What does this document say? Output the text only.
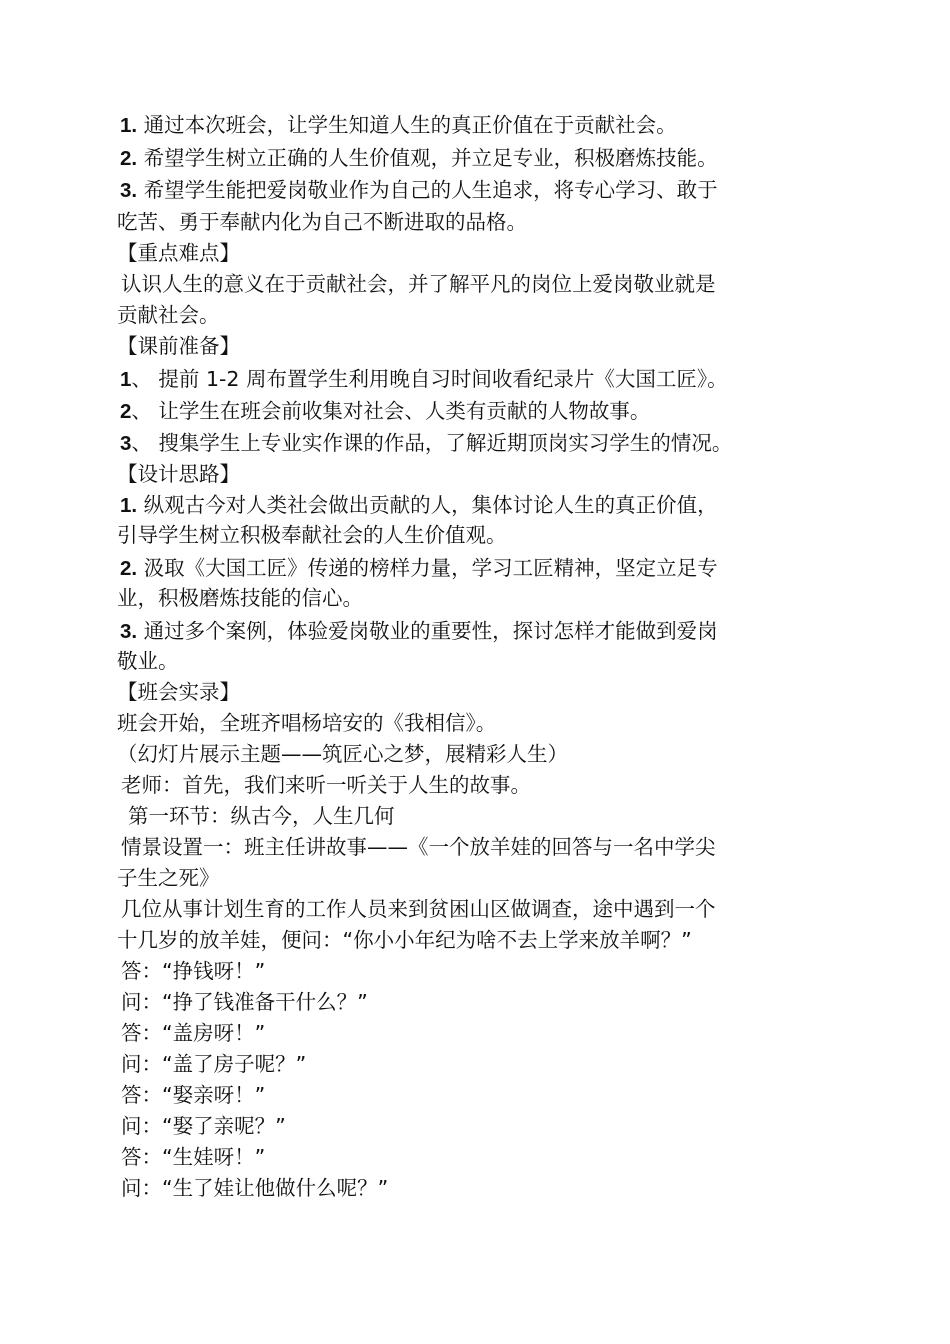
1. 通过本次班会，让学生知道人生的真正价值在于贡献社会。
2. 希望学生树立正确的人生价值观，并立足专业，积极磨炼技能。
3. 希望学生能把爱岗敬业作为自己的人生追求，将专心学习、敢于
吃苦、勇于奉献内化为自己不断进取的品格。
【重点难点】
认识人生的意义在于贡献社会，并了解平凡的岗位上爱岗敬业就是
贡献社会。
【课前准备】
1、 提前 1-2 周布置学生利用晚自习时间收看纪录片《大国工匠》。
2、 让学生在班会前收集对社会、人类有贡献的人物故事。
3、 搜集学生上专业实作课的作品，了解近期顶岗实习学生的情况。
【设计思路】
1. 纵观古今对人类社会做出贡献的人，集体讨论人生的真正价值，
引导学生树立积极奉献社会的人生价值观。
2. 汲取《大国工匠》传递的榜样力量，学习工匠精神，坚定立足专
业，积极磨炼技能的信心。
3. 通过多个案例，体验爱岗敬业的重要性，探讨怎样才能做到爱岗
敬业。
【班会实录】
班会开始，全班齐唱杨培安的《我相信》。
（幻灯片展示主题——筑匠心之梦，展精彩人生）
老师：首先，我们来听一听关于人生的故事。
第一环节：纵古今，人生几何
情景设置一：班主任讲故事——《一个放羊娃的回答与一名中学尖
子生之死》
几位从事计划生育的工作人员来到贫困山区做调查，途中遇到一个
十几岁的放羊娃，便问：“你小小年纪为啥不去上学来放羊啊？”
答：“挣钱呀！”
问：“挣了钱准备干什么？”
答：“盖房呀！”
问：“盖了房子呢？”
答：“娶亲呀！”
问：“娶了亲呢？”
答：“生娃呀！”
问：“生了娃让他做什么呢？”
